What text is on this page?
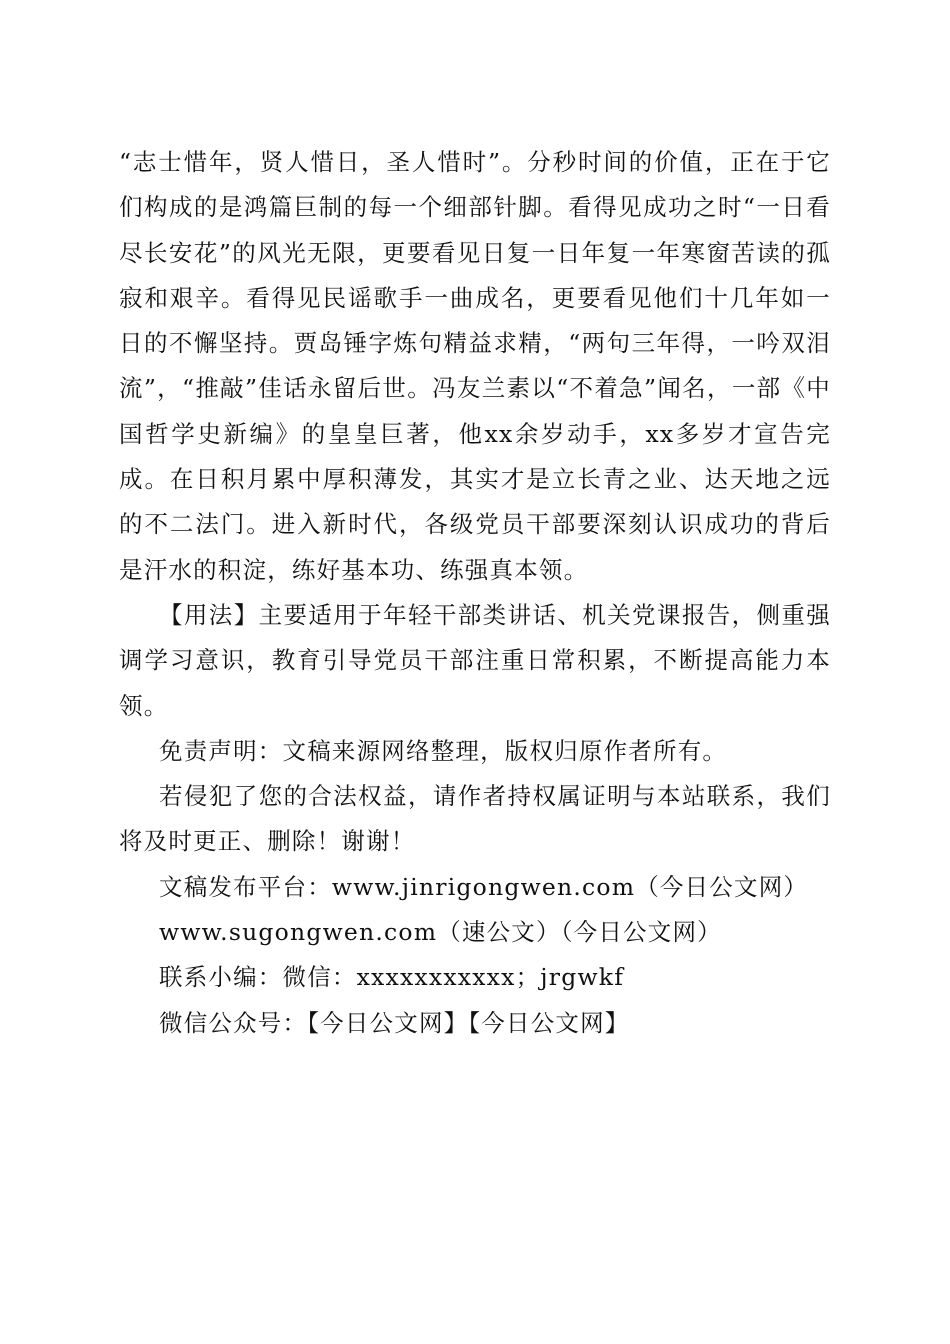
“志士惜年，贤人惜日，圣人惜时”。分秒时间的价值，正在于它们构成的是鸿篇巨制的每一个细部针脚。看得见成功之时“一日看尽长安花”的风光无限，更要看见日复一日年复一年寒窗苦读的孤寂和艰辛。看得见民谣歌手一曲成名，更要看见他们十几年如一日的不懈坚持。贾岛锤字炼句精益求精，“两句三年得，一吟双泪流”，“推敲”佳话永留后世。冯友兰素以“不着急”闻名，一部《中国哲学史新编》的皇皇巨著，他xx余岁动手，xx多岁才宣告完成。在日积月累中厚积薄发，其实才是立长青之业、达天地之远的不二法门。进入新时代，各级党员干部要深刻认识成功的背后是汗水的积淀，练好基本功、练强真本领。

【用法】主要适用于年轻干部类讲话、机关党课报告，侧重强调学习意识，教育引导党员干部注重日常积累，不断提高能力本领。

免责声明：文稿来源网络整理，版权归原作者所有。

若侵犯了您的合法权益，请作者持权属证明与本站联系，我们将及时更正、删除！谢谢！

文稿发布平台：www.jinrigongwen.com（今日公文网）

www.sugongwen.com（速公文）（今日公文网）

联系小编：微信：xxxxxxxxxxx；jrgwkf

微信公众号：【今日公文网】【今日公文网】
